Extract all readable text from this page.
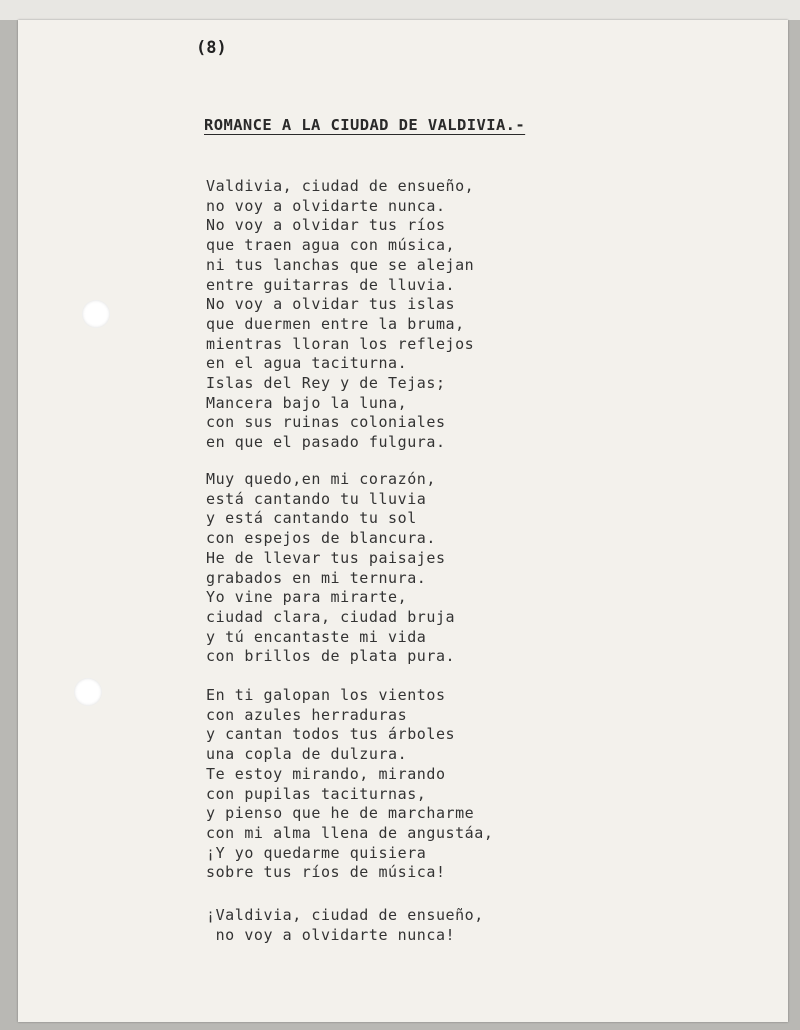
(8)
ROMANCE A LA CIUDAD DE VALDIVIA.-
Valdivia, ciudad de ensueño,
no voy a olvidarte nunca.
No voy a olvidar tus ríos
que traen agua con música,
ni tus lanchas que se alejan
entre guitarras de lluvia.
No voy a olvidar tus islas
que duermen entre la bruma,
mientras lloran los reflejos
en el agua taciturna.
Islas del Rey y de Tejas;
Mancera bajo la luna,
con sus ruinas coloniales
en que el pasado fulgura.
Muy quedo,en mi corazón,
está cantando tu lluvia
y está cantando tu sol
con espejos de blancura.
He de llevar tus paisajes
grabados en mi ternura.
Yo vine para mirarte,
ciudad clara, ciudad bruja
y tú encantaste mi vida
con brillos de plata pura.
En ti galopan los vientos
con azules herraduras
y cantan todos tus árboles
una copla de dulzura.
Te estoy mirando, mirando
con pupilas taciturnas,
y pienso que he de marcharme
con mi alma llena de angustáa,
¡Y yo quedarme quisiera
sobre tus ríos de música!
¡Valdivia, ciudad de ensueño,
no voy a olvidarte nunca!
